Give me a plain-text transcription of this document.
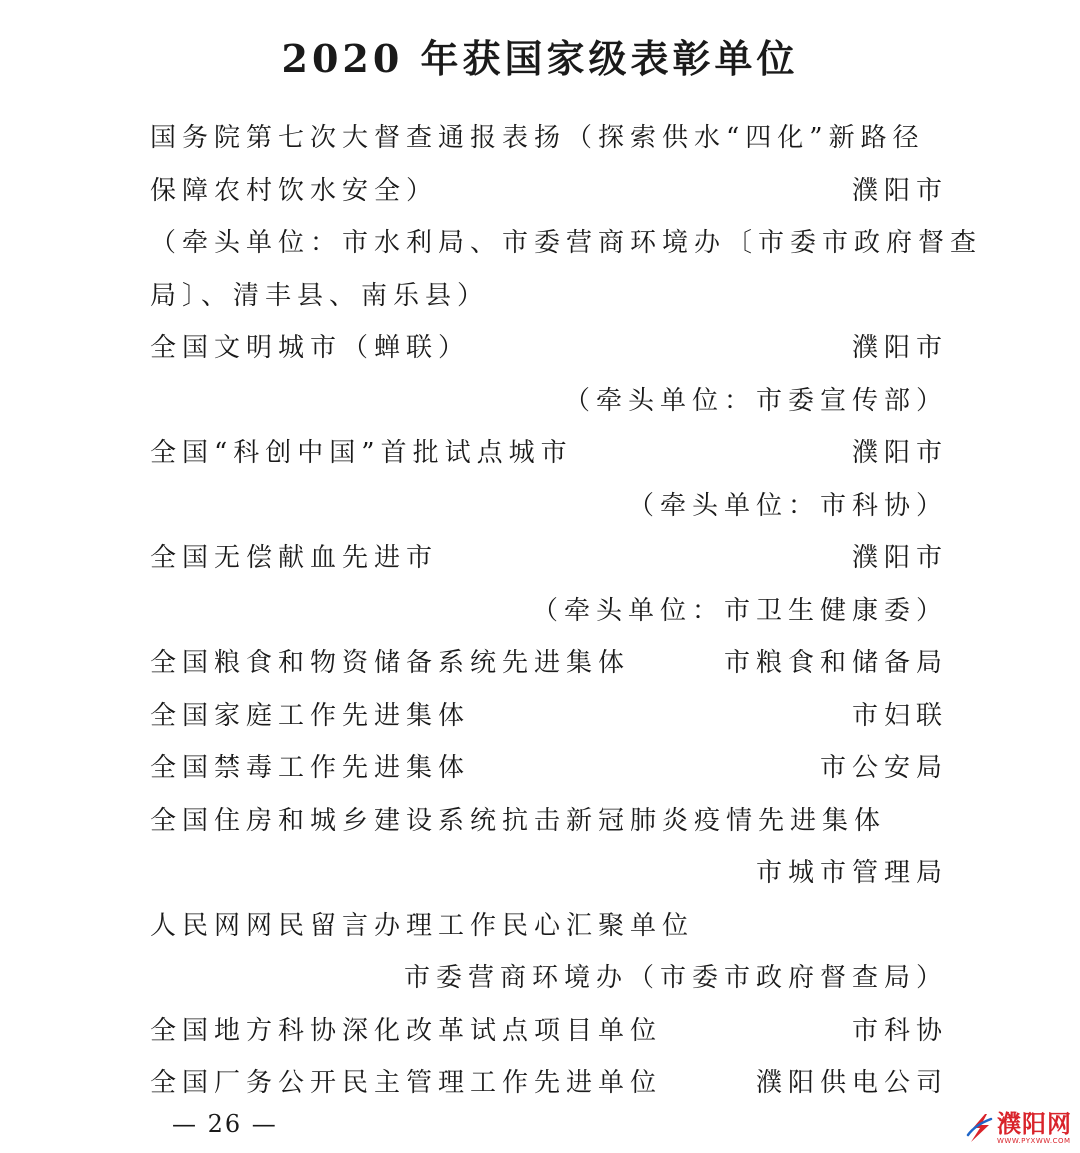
2020 年获国家级表彰单位
国务院第七次大督查通报表扬（探索供水“四化”新路径
保障农村饮水安全）	濮阳市
（牵头单位：市水利局、市委营商环境办〔市委市政府督查
局〕、清丰县、南乐县）
全国文明城市（蝉联）	濮阳市
（牵头单位：市委宣传部）
全国“科创中国”首批试点城市	濮阳市
（牵头单位：市科协）
全国无偿献血先进市	濮阳市
（牵头单位：市卫生健康委）
全国粮食和物资储备系统先进集体	市粮食和储备局
全国家庭工作先进集体	市妇联
全国禁毒工作先进集体	市公安局
全国住房和城乡建设系统抗击新冠肺炎疫情先进集体
市城市管理局
人民网网民留言办理工作民心汇聚单位
市委营商环境办（市委市政府督查局）
全国地方科协深化改革试点项目单位	市科协
全国厂务公开民主管理工作先进单位	濮阳供电公司
— 26 —	濮阳网
WWW.PYXWW.COM
